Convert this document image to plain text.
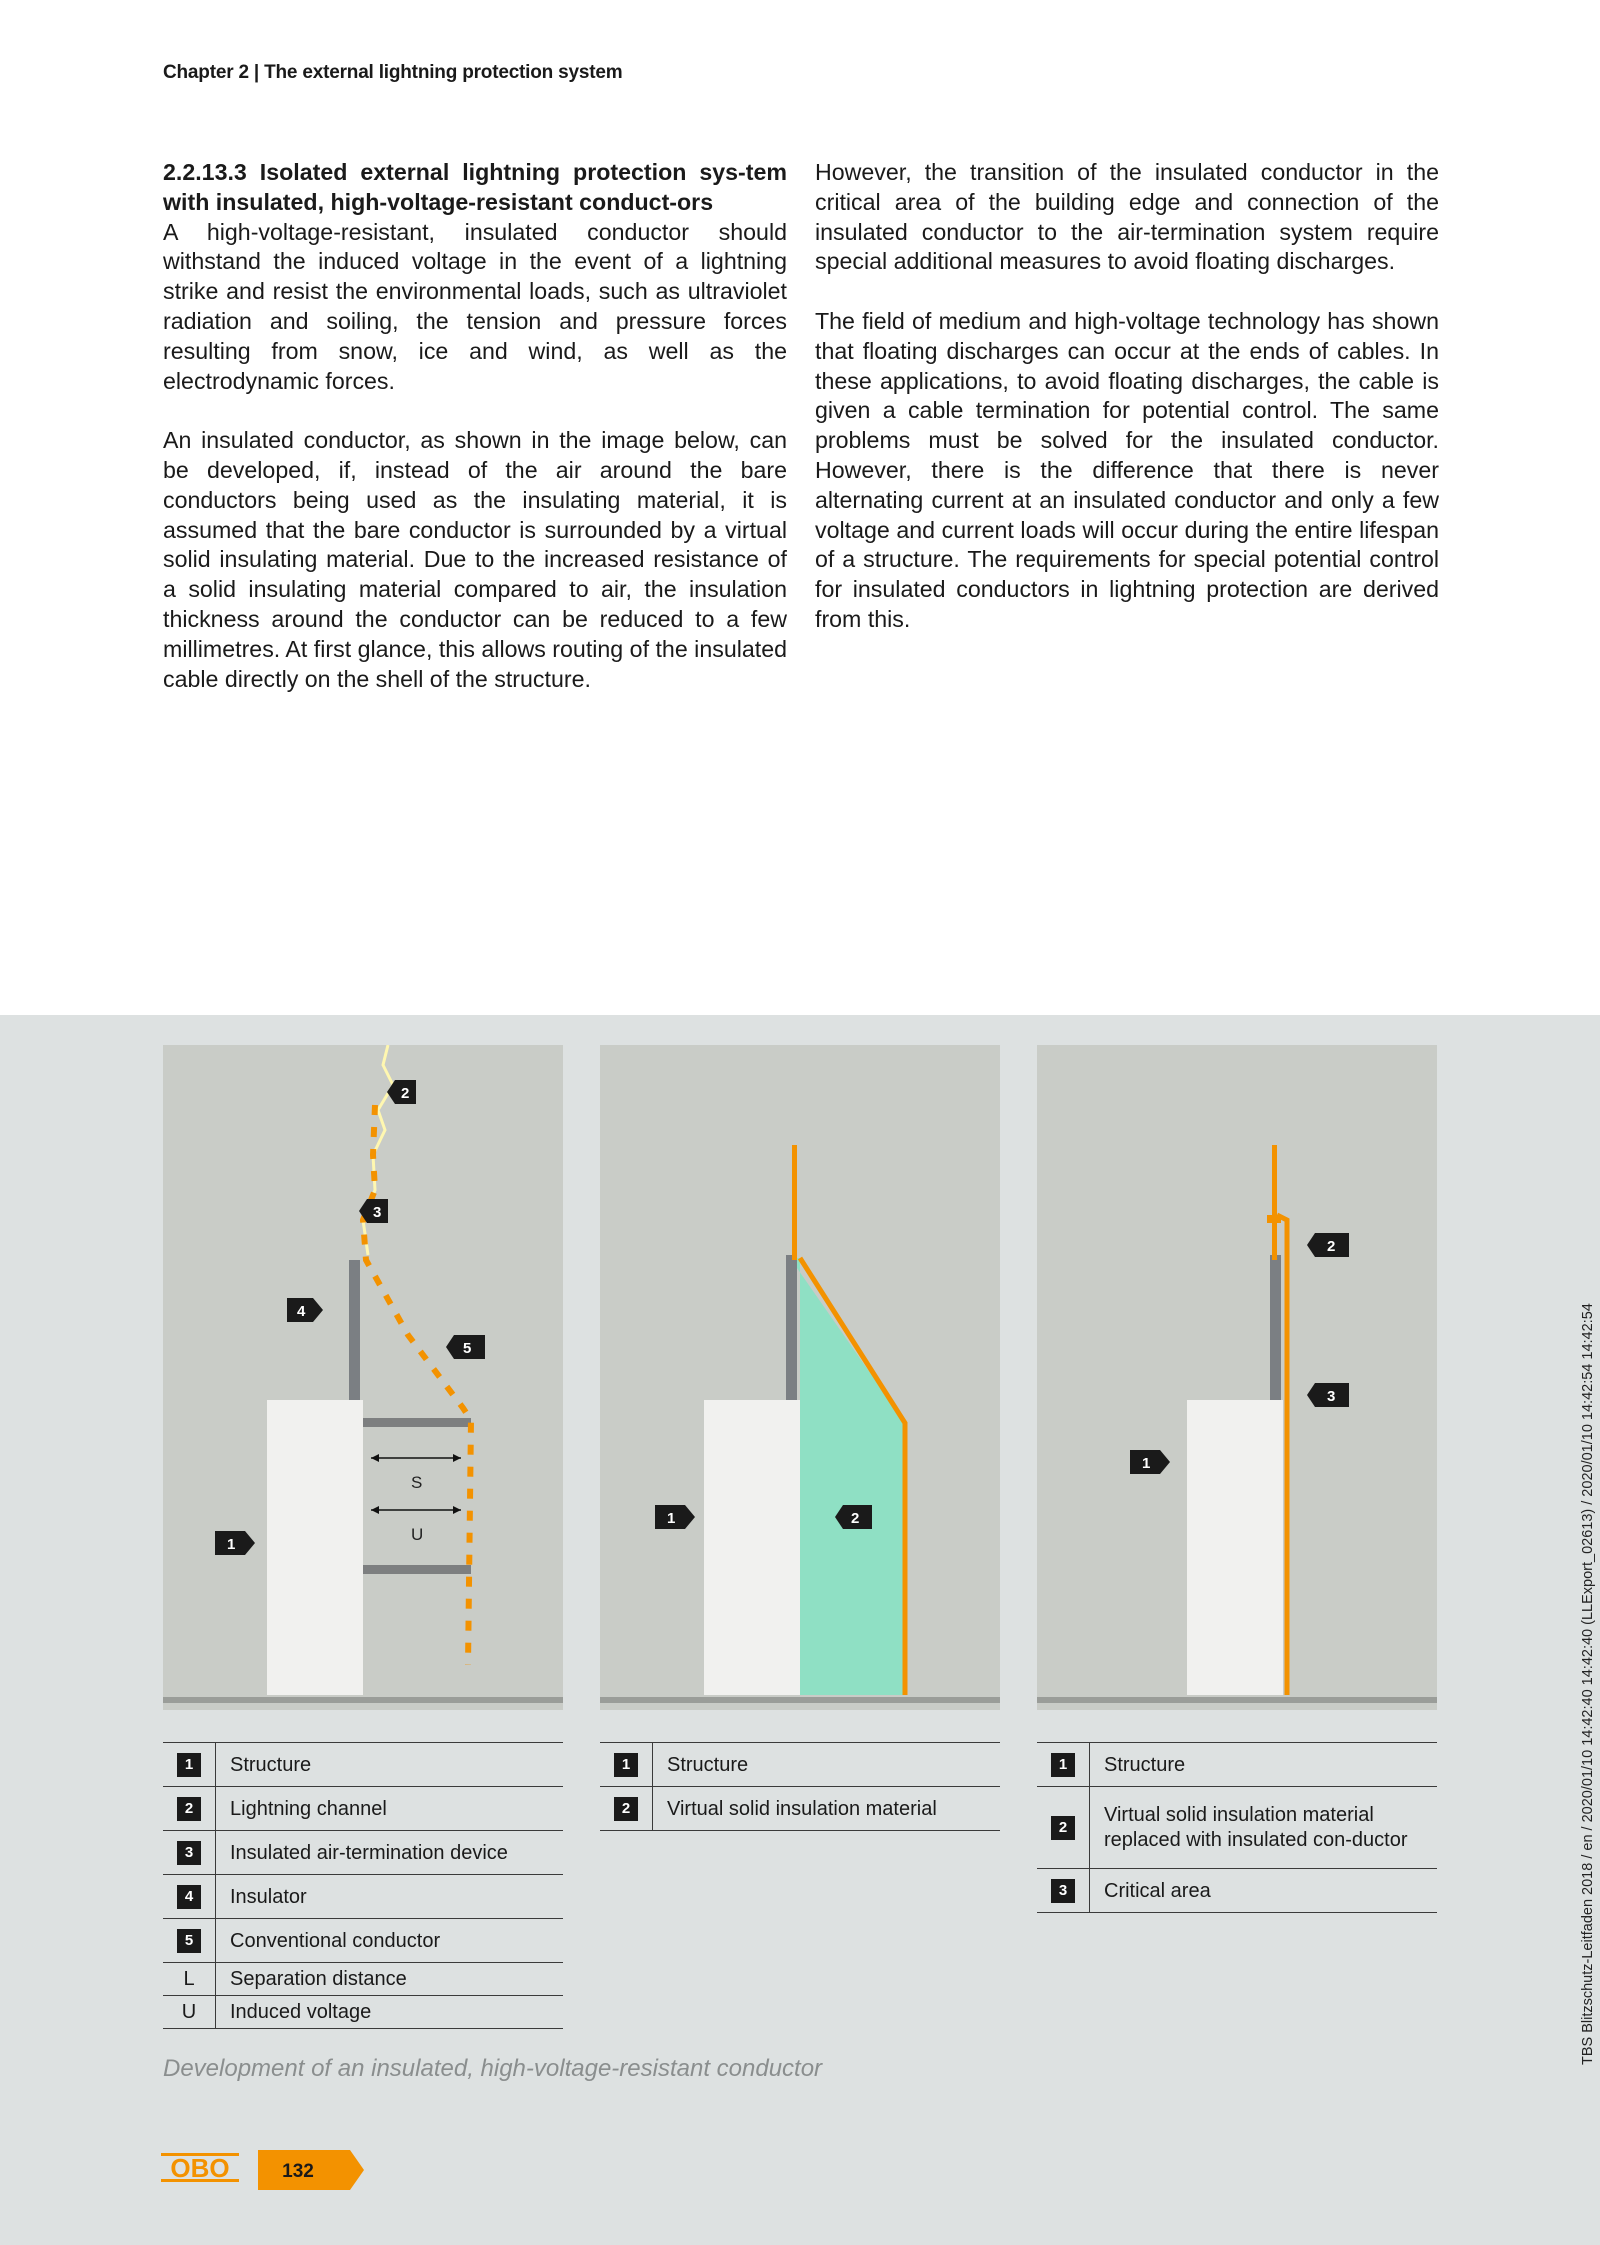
Chapter 2 | The external lightning protection system
2.2.13.3 Isolated external lightning protection sys-tem with insulated, high-voltage-resistant conduct-ors

A high-voltage-resistant, insulated conductor should withstand the induced voltage in the event of a lightning strike and resist the environmental loads, such as ultraviolet radiation and soiling, the tension and pressure forces resulting from snow, ice and wind, as well as the electrodynamic forces.

An insulated conductor, as shown in the image below, can be developed, if, instead of the air around the bare conductors being used as the insulating material, it is assumed that the bare conductor is surrounded by a virtual solid insulating material. Due to the increased resistance of a solid insulating material compared to air, the insulation thickness around the conductor can be reduced to a few millimetres. At first glance, this allows routing of the insulated cable directly on the shell of the structure.

However, the transition of the insulated conductor in the critical area of the building edge and connection of the insulated conductor to the air-termination system require special additional measures to avoid floating discharges.

The field of medium and high-voltage technology has shown that floating discharges can occur at the ends of cables. In these applications, to avoid floating discharges, the cable is given a cable termination for potential control. The same problems must be solved for the insulated conductor. However, there is the difference that there is never alternating current at an insulated conductor and only a few voltage and current loads will occur during the entire lifespan of a structure. The requirements for special potential control for insulated conductors in lightning protection are derived from this.

S
U
2
3
4
5
1
1	2
2
3
1
1	Structure
2	Lightning channel
3	Insulated air-termination device
4	Insulator
5	Conventional conductor
L	Separation distance
U	Induced voltage
1	Structure
2	Virtual solid insulation material
1	Structure
2	Virtual solid insulation material replaced with insulated con-ductor
3	Critical area
Development of an insulated, high-voltage-resistant conductor
OBO	132
TBS Blitzschutz-Leitfaden 2018 / en / 2020/01/10 14:42:40 14:42:40 (LLExport_02613) / 2020/01/10 14:42:54 14:42:54
